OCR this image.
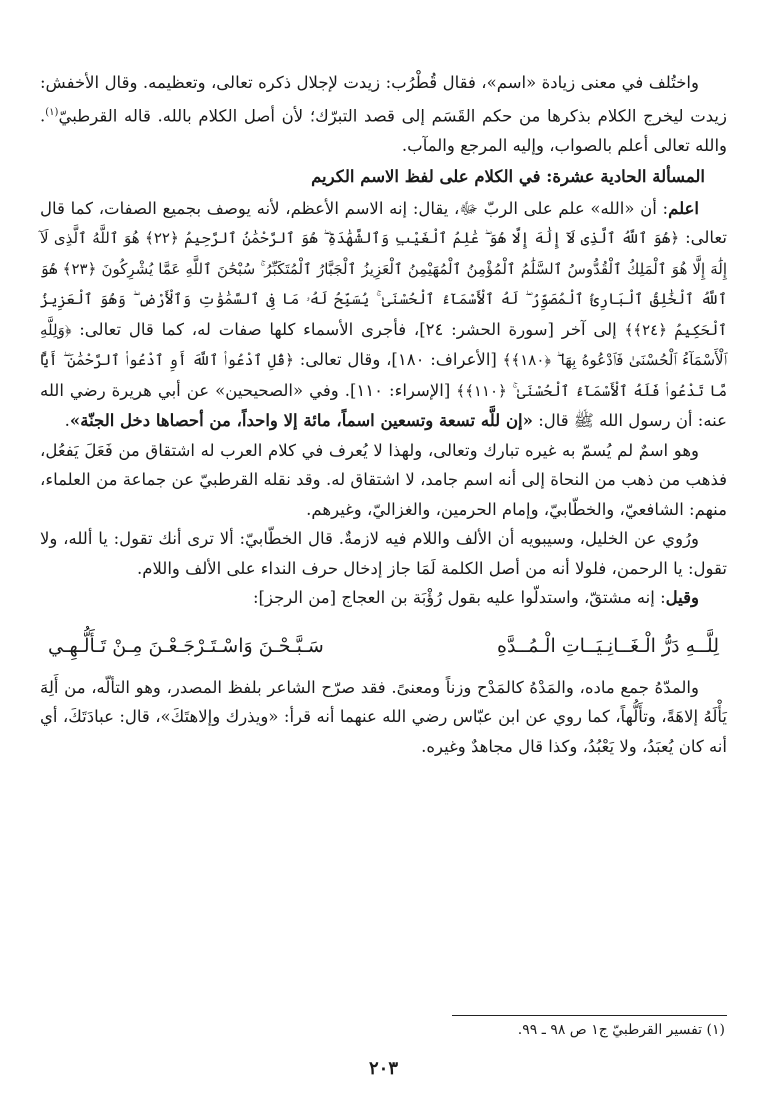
واختُلف في معنى زيادة «اسم»، فقال قُطْرُب: زيدت لإجلال ذكره تعالى، وتعظيمه. وقال الأخفش: زيدت ليخرج الكلام بذكرها من حكم القَسَم إلى قصد التبرّك؛ لأن أصل الكلام بالله. قاله القرطبيّ$^{(١)}$. والله تعالى أعلم بالصواب، وإليه المرجع والمآب.

المسألة الحادية عشرة: في الكلام على لفظ الاسم الكريم

اعلم: أن «الله» علم على الربّ ﷻ، يقال: إنه الاسم الأعظم، لأنه يوصف بجميع الصفات، كما قال تعالى: ﴿هُوَ ٱللَّهُ ٱلَّذِى لَآ إِلَٰهَ إِلَّا هُوَ ۖ عَٰلِمُ ٱلْغَيْبِ وَٱلشَّهَٰدَةِ ۖ هُوَ ٱلرَّحْمَٰنُ ٱلرَّحِيمُ ﴿٢٢﴾ هُوَ ٱللَّهُ ٱلَّذِى لَآ إِلَٰهَ إِلَّا هُوَ ٱلْمَلِكُ ٱلْقُدُّوسُ ٱلسَّلَٰمُ ٱلْمُؤْمِنُ ٱلْمُهَيْمِنُ ٱلْعَزِيزُ ٱلْجَبَّارُ ٱلْمُتَكَبِّرُ ۚ سُبْحَٰنَ ٱللَّهِ عَمَّا يُشْرِكُونَ ﴿٢٣﴾ هُوَ ٱللَّهُ ٱلْخَٰلِقُ ٱلْبَارِئُ ٱلْمُصَوِّرُ ۖ لَهُ ٱلْأَسْمَآءُ ٱلْحُسْنَىٰ ۚ يُسَبِّحُ لَهُۥ مَا فِى ٱلسَّمَٰوَٰتِ وَٱلْأَرْضِ ۖ وَهُوَ ٱلْعَزِيزُ ٱلْحَكِيمُ ﴿٢٤﴾﴾ إلى آخر [سورة الحشر: ٢٤]، فأجرى الأسماء كلها صفات له، كما قال تعالى: ﴿وَلِلَّهِ ٱلْأَسْمَآءُ ٱلْحُسْنَىٰ فَٱدْعُوهُ بِهَا ۖ ﴿١٨٠﴾﴾ [الأعراف: ١٨٠]، وقال تعالى: ﴿قُلِ ٱدْعُوا۟ ٱللَّهَ أَوِ ٱدْعُوا۟ ٱلرَّحْمَٰنَ ۖ أَيًّا مَّا تَدْعُوا۟ فَلَهُ ٱلْأَسْمَآءُ ٱلْحُسْنَىٰ ۚ ﴿١١٠﴾﴾ [الإسراء: ١١٠]. وفي «الصحيحين» عن أبي هريرة رضي الله عنه: أن رسول الله ﷺ قال: «إن للَّه تسعة وتسعين اسماً، مائة إلا واحداً، من أحصاها دخل الجنّة».

وهو اسمٌ لم يُسمّ به غيره تبارك وتعالى، ولهذا لا يُعرف في كلام العرب له اشتقاق من فَعَلَ يَفعُل، فذهب من ذهب من النحاة إلى أنه اسم جامد، لا اشتقاق له. وقد نقله القرطبيّ عن جماعة من العلماء، منهم: الشافعيّ، والخطّابيّ، وإمام الحرمين، والغزاليّ، وغيرهم.

ورُوي عن الخليل، وسيبويه أن الألف واللام فيه لازمةٌ. قال الخطّابيّ: ألا ترى أنك تقول: يا ألله، ولا تقول: يا الرحمن، فلولا أنه من أصل الكلمة لَمَا جاز إدخال حرف النداء على الألف واللام.

وقيل: إنه مشتقّ، واستدلّوا عليه بقول رُؤْبَة بن العجاج [من الرجز]:

لِلَّــهِ دَرُّ الْـغَــانِـيَــاتِ الْـمُــدَّهِ
سَـبَّـحْـنَ وَاسْـتَـرْجَـعْـنَ مِـنْ تَـأَلُّـهِـي

والمدّهُ جمع ماده، والمَدْهُ كالمَدْح وزناً ومعنىً. فقد صرّح الشاعر بلفظ المصدر، وهو التألّه، من أَلِهَ يَأْلَهُ إلاهَةً، وتأَلُّهاً، كما روي عن ابن عبّاس رضي الله عنهما أنه قرأ: «ويذرك وإلاهتَكَ»، قال: عبادَتَكَ، أي أنه كان يُعبَدُ، ولا يَعْبُدُ، وكذا قال مجاهدٌ وغيره.

(١) تفسير القرطبيّ ج١ ص ٩٨ ـ ٩٩.
٢٠٣
